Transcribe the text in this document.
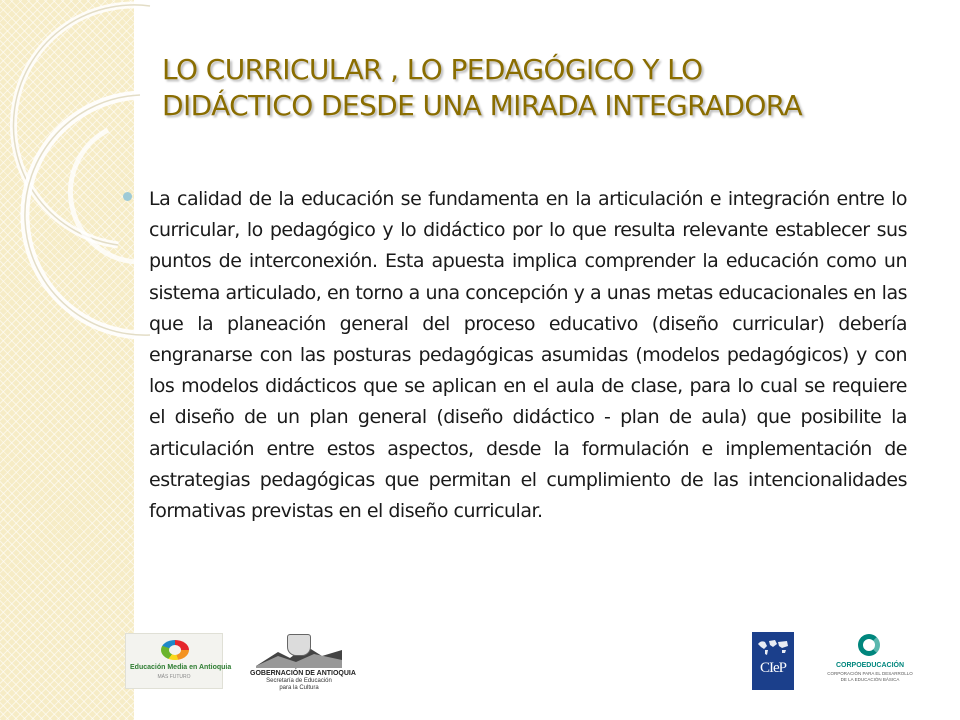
LO CURRICULAR , LO PEDAGÓGICO Y LO
DIDÁCTICO DESDE UNA MIRADA INTEGRADORA

La calidad de la educación se fundamenta en la articulación e integración entre lo curricular, lo pedagógico y lo didáctico por lo que resulta relevante establecer sus puntos de interconexión. Esta apuesta implica comprender la educación como un sistema articulado, en torno a una concepción y a unas metas educacionales en las que la planeación general del proceso educativo (diseño curricular) debería engranarse con las posturas pedagógicas asumidas (modelos pedagógicos) y con los modelos didácticos que se aplican en el aula de clase, para lo cual se requiere el diseño de un plan general (diseño didáctico - plan de aula) que posibilite la articulación entre estos aspectos, desde la formulación e implementación de estrategias pedagógicas que permitan el cumplimiento de las intencionalidades formativas previstas en el diseño curricular.

Educación Media en Antioquia
MÁS FUTURO	GOBERNACIÓN DE ANTIOQUIA
Secretaría de Educación
para la Cultura
CIeP	CORPOEDUCACIÓN
CORPORACIÓN PARA EL DESARROLLO
DE LA EDUCACIÓN BÁSICA
